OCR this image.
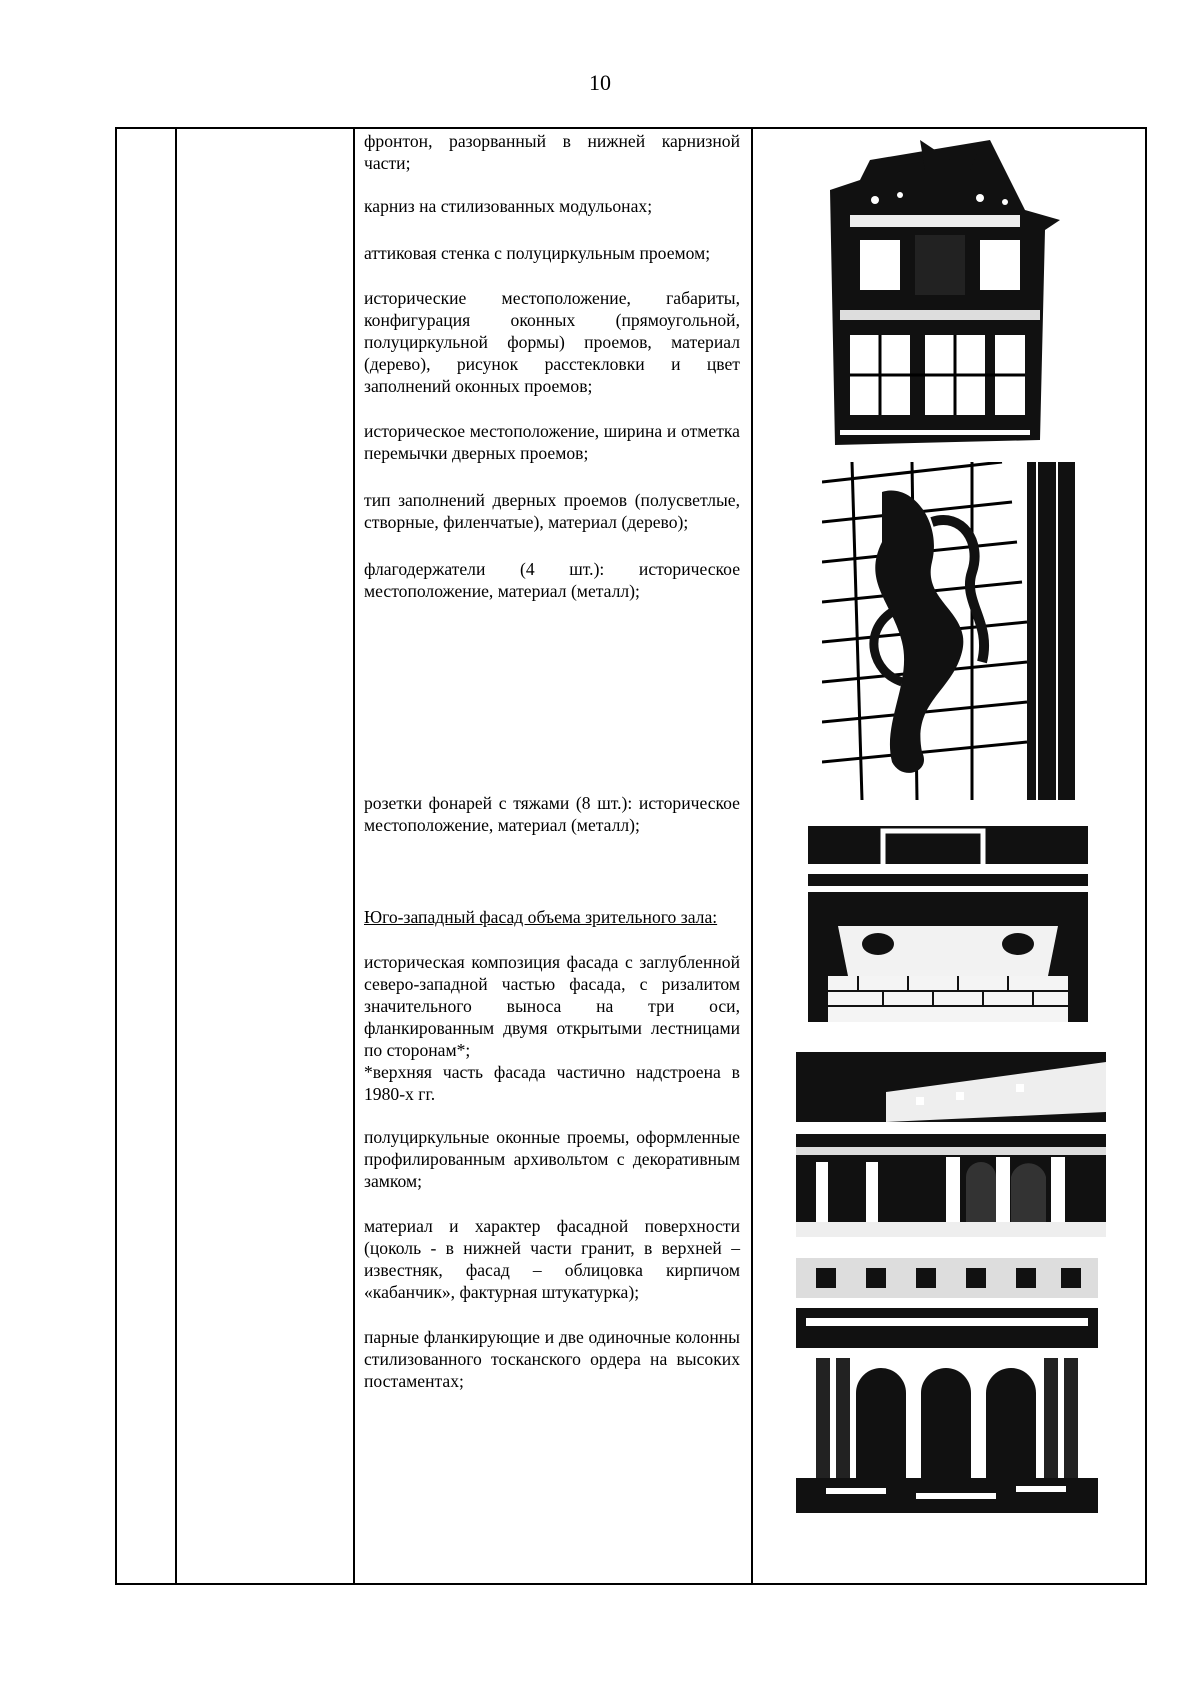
10

фронтон, разорванный в нижней карнизной части;

карниз на стилизованных модульонах;

аттиковая стенка с полуциркульным проемом;

исторические местоположение, габариты, конфигурация оконных (прямоугольной, полуциркульной формы) проемов, материал (дерево), рисунок расстекловки и цвет заполнений оконных проемов;

историческое местоположение, ширина и отметка перемычки дверных проемов;

тип заполнений дверных проемов (полусветлые, створные, филенчатые), материал (дерево);

флагодержатели (4 шт.): историческое местоположение, материал (металл);

розетки фонарей с тяжами (8 шт.): историческое местоположение, материал (металл);

Юго-западный фасад объема зрительного зала:

историческая композиция фасада с заглубленной северо-западной частью фасада, с ризалитом значительного выноса на три оси, фланкированным двумя открытыми лестницами по сторонам*;

*верхняя часть фасада частично надстроена в 1980-х гг.

полуциркульные оконные проемы, оформленные профилированным архивольтом с декоративным замком;

материал и характер фасадной поверхности (цоколь - в нижней части гранит, в верхней – известняк, фасад – облицовка кирпичом «кабанчик», фактурная штукатурка);

парные фланкирующие и две одиночные колонны стилизованного тосканского ордера на высоких постаментах;
